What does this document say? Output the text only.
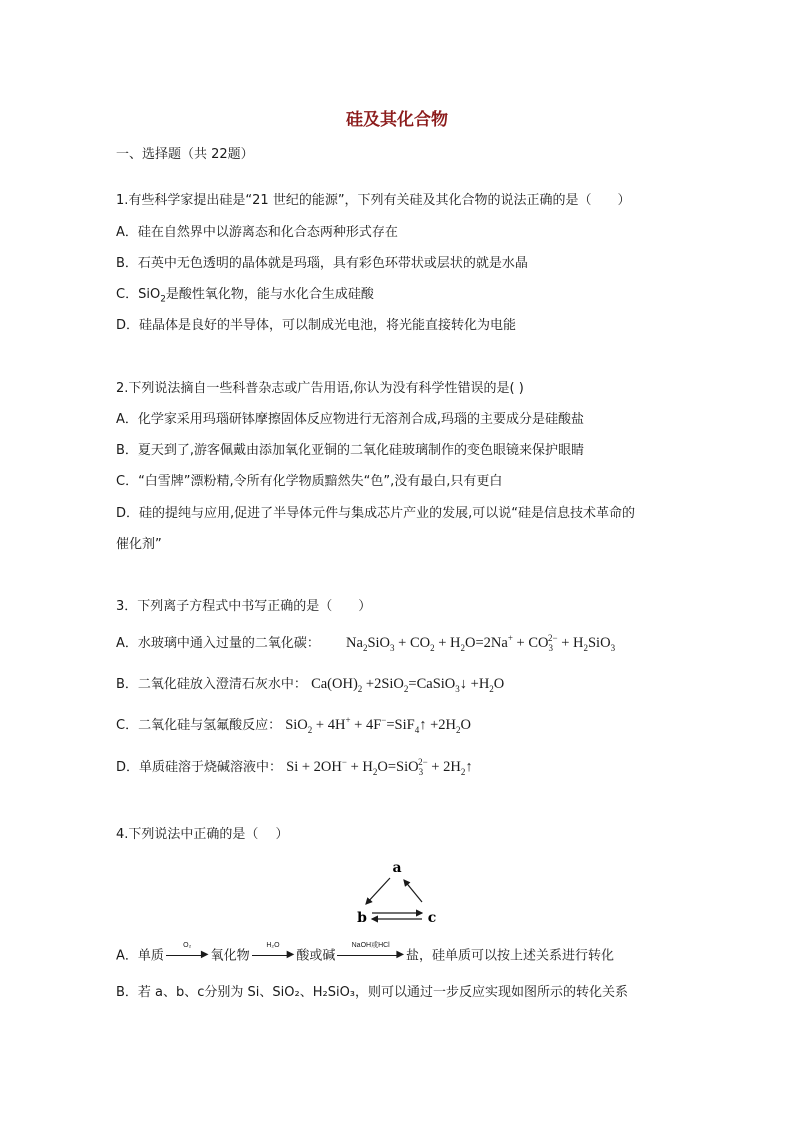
硅及其化合物
一、选择题（共 22题）
1.有些科学家提出硅是“21 世纪的能源”，下列有关硅及其化合物的说法正确的是（　　）
A．硅在自然界中以游离态和化合态两种形式存在
B．石英中无色透明的晶体就是玛瑙，具有彩色环带状或层状的就是水晶
C．SiO$_2$是酸性氧化物，能与水化合生成硅酸
D．硅晶体是良好的半导体，可以制成光电池，将光能直接转化为电能
2.下列说法摘自一些科普杂志或广告用语,你认为没有科学性错误的是( )
A．化学家采用玛瑙研钵摩擦固体反应物进行无溶剂合成,玛瑙的主要成分是硅酸盐
B．夏天到了,游客佩戴由添加氧化亚铜的二氧化硅玻璃制作的变色眼镜来保护眼睛
C．“白雪牌”漂粉精,令所有化学物质黯然失“色”,没有最白,只有更白
D．硅的提纯与应用,促进了半导体元件与集成芯片产业的发展,可以说“硅是信息技术革命的
催化剂”
3．下列离子方程式中书写正确的是（　　）
A．水玻璃中通入过量的二氧化碳： $Na_2SiO_3 + CO_2 + H_2O=2Na^+ + CO_3^{2-} + H_2SiO_3$
B．二氧化硅放入澄清石灰水中： $Ca(OH)_2$ +2SiO$_2$=CaSiO$_3$↓ $+H_2O$
C．二氧化硅与氢氟酸反应： SiO$_2$ + 4H+ + 4F−=SiF$_4$↑ $+2H_2O$
D．单质硅溶于烧碱溶液中： $Si + 2OH^- + H_2O=SiO_3^{2-}$ + $2H_2↑$
4.下列说法中正确的是（　 ）
a
b	c
A．单质
O₂
▶ 氧化物
H₂O
▶ 酸或碱
NaOH或HCl
▶ 盐，硅单质可以按上述关系进行转化
B．若 a、b、c分别为 Si、SiO₂、H₂SiO₃，则可以通过一步反应实现如图所示的转化关系
